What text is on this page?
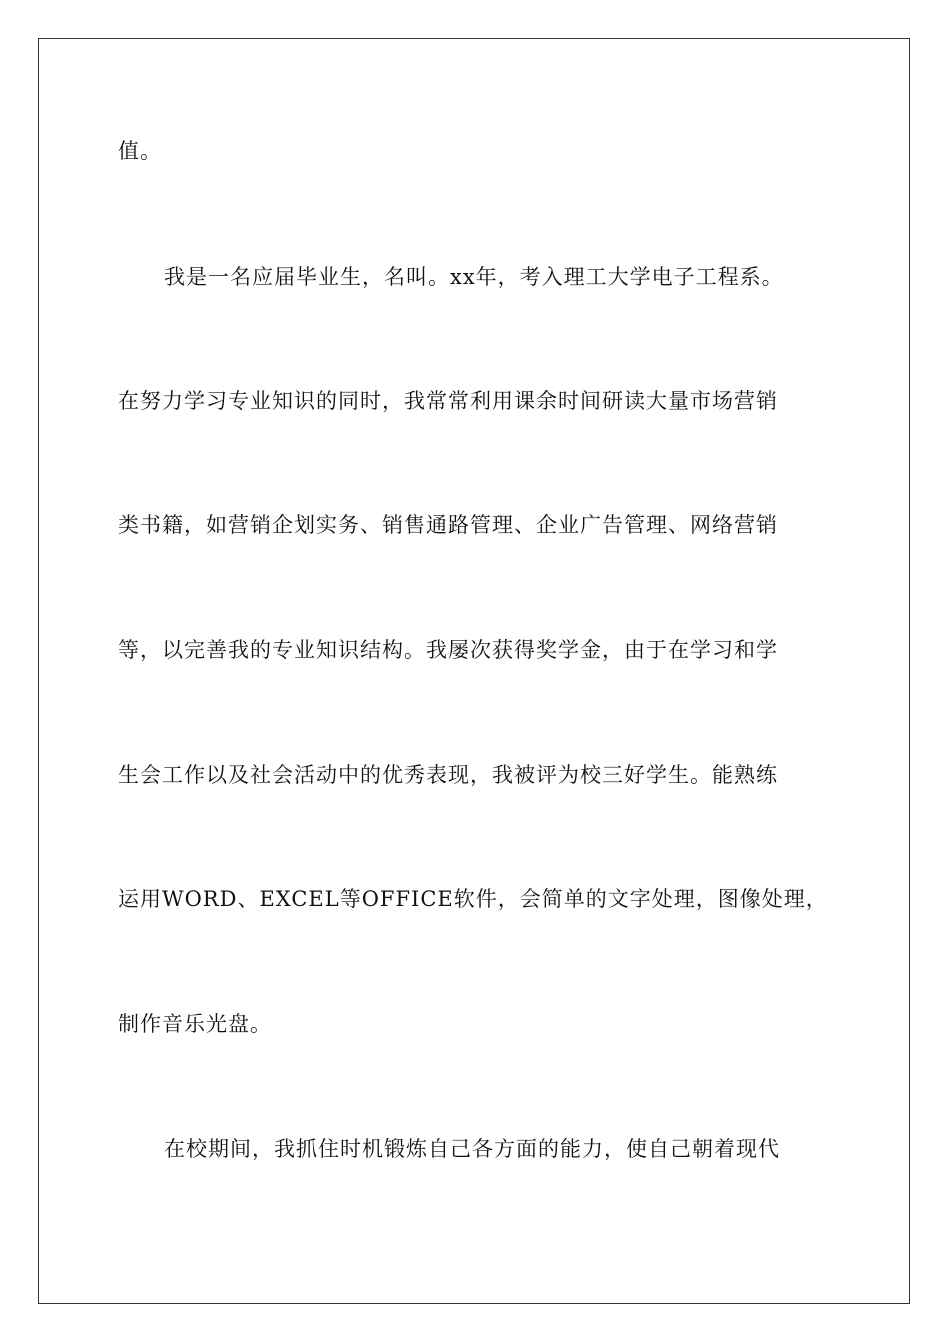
值。
我是一名应届毕业生，名叫。xx年，考入理工大学电子工程系。
在努力学习专业知识的同时，我常常利用课余时间研读大量市场营销
类书籍，如营销企划实务、销售通路管理、企业广告管理、网络营销
等，以完善我的专业知识结构。我屡次获得奖学金，由于在学习和学
生会工作以及社会活动中的优秀表现，我被评为校三好学生。能熟练
运用WORD、EXCEL等OFFICE软件，会简单的文字处理，图像处理，
制作音乐光盘。
在校期间，我抓住时机锻炼自己各方面的能力，使自己朝着现代
